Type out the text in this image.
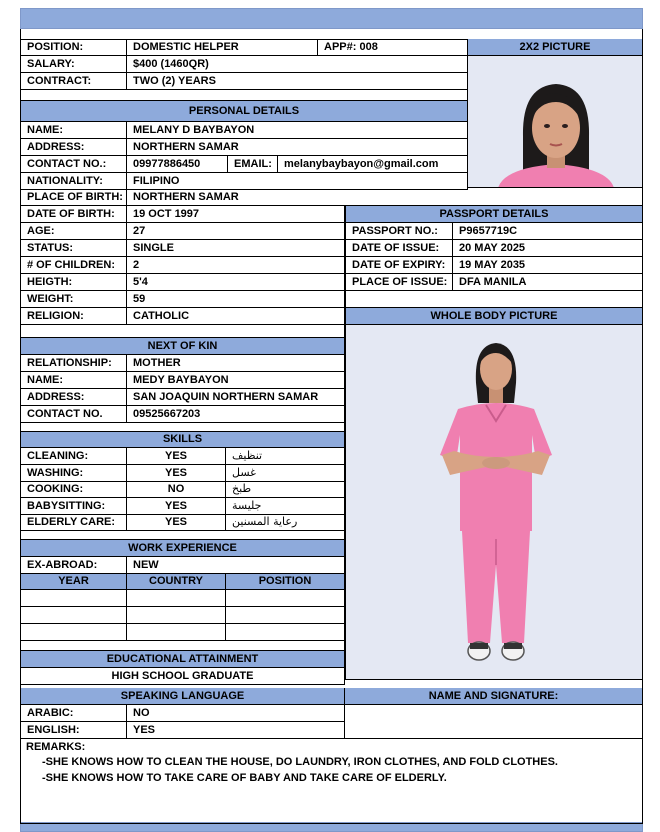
POSITION:	DOMESTIC HELPER	APP#: 008	2X2 PICTURE
SALARY:	$400 (1460QR)
CONTRACT:	TWO (2) YEARS
PERSONAL DETAILS
NAME:	MELANY D BAYBAYON
ADDRESS:	NORTHERN SAMAR
CONTACT NO.:	09977886450	EMAIL:	melanybaybayon@gmail.com
NATIONALITY:	FILIPINO
PLACE OF BIRTH: NORTHERN SAMAR
DATE OF BIRTH:	19 OCT 1997
AGE:	27
STATUS:	SINGLE
# OF CHILDREN:	2
HEIGTH:	5'4
WEIGHT:	59
RELIGION:	CATHOLIC
PASSPORT DETAILS
PASSPORT NO.:	P9657719C
DATE OF ISSUE:	20 MAY 2025
DATE OF EXPIRY:	19 MAY 2035
PLACE OF ISSUE:	DFA MANILA
WHOLE BODY PICTURE
NEXT OF KIN
RELATIONSHIP:	MOTHER
NAME:	MEDY BAYBAYON
ADDRESS:	SAN JOAQUIN NORTHERN SAMAR
CONTACT NO.	09525667203
SKILLS
CLEANING:	YES	تنظيف
WASHING:	YES	غسل
COOKING:	NO	طبخ
BABYSITTING:	YES	جليسة
ELDERLY CARE:	YES	رعاية المسنين
WORK EXPERIENCE
EX-ABROAD:	NEW
YEAR	COUNTRY	POSITION
EDUCATIONAL ATTAINMENT
HIGH SCHOOL GRADUATE
SPEAKING LANGUAGE	NAME AND SIGNATURE:
ARABIC:	NO
ENGLISH:	YES
REMARKS:
-SHE KNOWS HOW TO CLEAN THE HOUSE, DO LAUNDRY, IRON CLOTHES, AND FOLD CLOTHES.
-SHE KNOWS HOW TO TAKE CARE OF BABY AND TAKE CARE OF ELDERLY.
